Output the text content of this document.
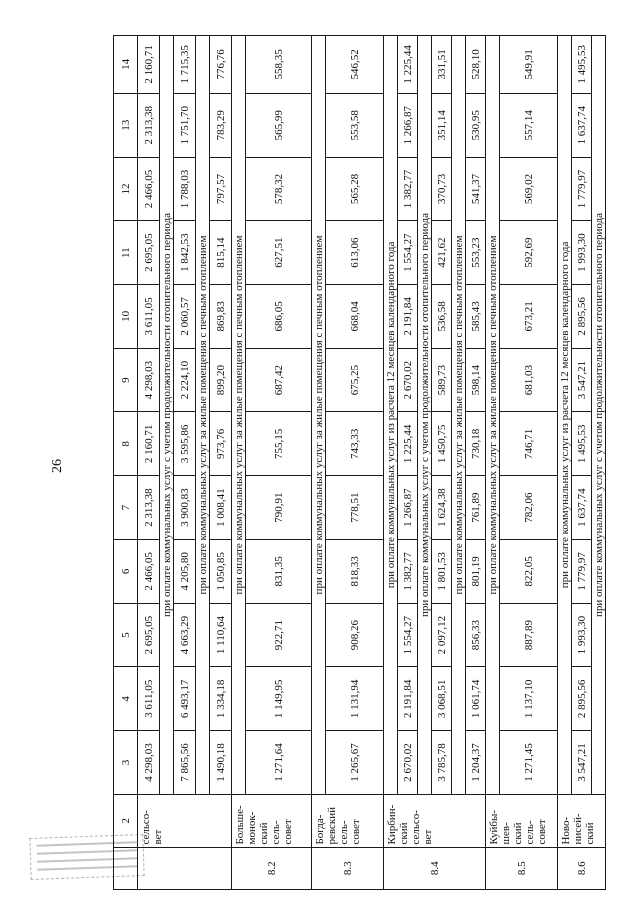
26
	2	3	4	5	6	7	8	9	10	11	12	13	14
	сельсо-
вет	4 298,03	3 611,05	2 695,05	2 466,05	2 313,38	2 160,71	4 298,03	3 611,05	2 695,05	2 466,05	2 313,38	2 160,71
		при оплате коммунальных услуг с учетом продолжительности отопительного периода											
		7 865,56	6 493,17	4 663,29	4 205,80	3 900,83	3 595,86	2 224,10	2 060,57	1 842,53	1 788,03	1 751,70	1 715,35
		при оплате коммунальных услуг за жилые помещения с печным отоплением											
		1 490,18	1 334,18	1 110,64	1 050,85	1 008,41	973,76	899,20	869,83	815,14	797,57	783,29	776,76
8.2	Больше-
монок-
ский
сель-
совет	при оплате коммунальных услуг за жилые помещения с печным отоплением											
		1 271,64	1 149,95	922,71	831,35	790,91	755,15	687,42	686,05	627,51	578,32	565,99	558,35
8.3	Богда-
ревский
сель-
совет	при оплате коммунальных услуг за жилые помещения с печным отоплением											
		1 265,67	1 131,94	908,26	818,33	778,51	743,33	675,25	668,04	613,06	565,28	553,58	546,52
8.4	Кирбин-
ский
сельсо-
вет	при оплате коммунальных услуг из расчета 12 месяцев календарного года											
		2 670,02	2 191,84	1 554,27	1 382,77	1 266,87	1 225,44	2 670,02	2 191,84	1 554,27	1 382,77	1 266,87	1 225,44
		при оплате коммунальных услуг с учетом продолжительности отопительного периода											
		3 785,78	3 068,51	2 097,12	1 801,53	1 624,38	1 450,75	589,73	536,58	421,62	370,73	351,14	331,51
		при оплате коммунальных услуг за жилые помещения с печным отоплением											
		1 204,37	1 061,74	856,33	801,19	761,89	730,18	598,14	585,43	553,23	541,37	530,95	528,10
8.5	Куйбы-
шев-
ский
сель-
совет	при оплате коммунальных услуг за жилые помещения с печным отоплением											
		1 271,45	1 137,10	887,89	822,05	782,06	746,71	681,03	673,21	592,69	569,02	557,14	549,91
8.6	Ново-
нисей-
ский	при оплате коммунальных услуг из расчета 12 месяцев календарного года											
		3 547,21	2 895,56	1 993,30	1 779,97	1 637,74	1 495,53	3 547,21	2 895,56	1 993,30	1 779,97	1 637,74	1 495,53
		при оплате коммунальных услуг с учетом продолжительности отопительного периода											
